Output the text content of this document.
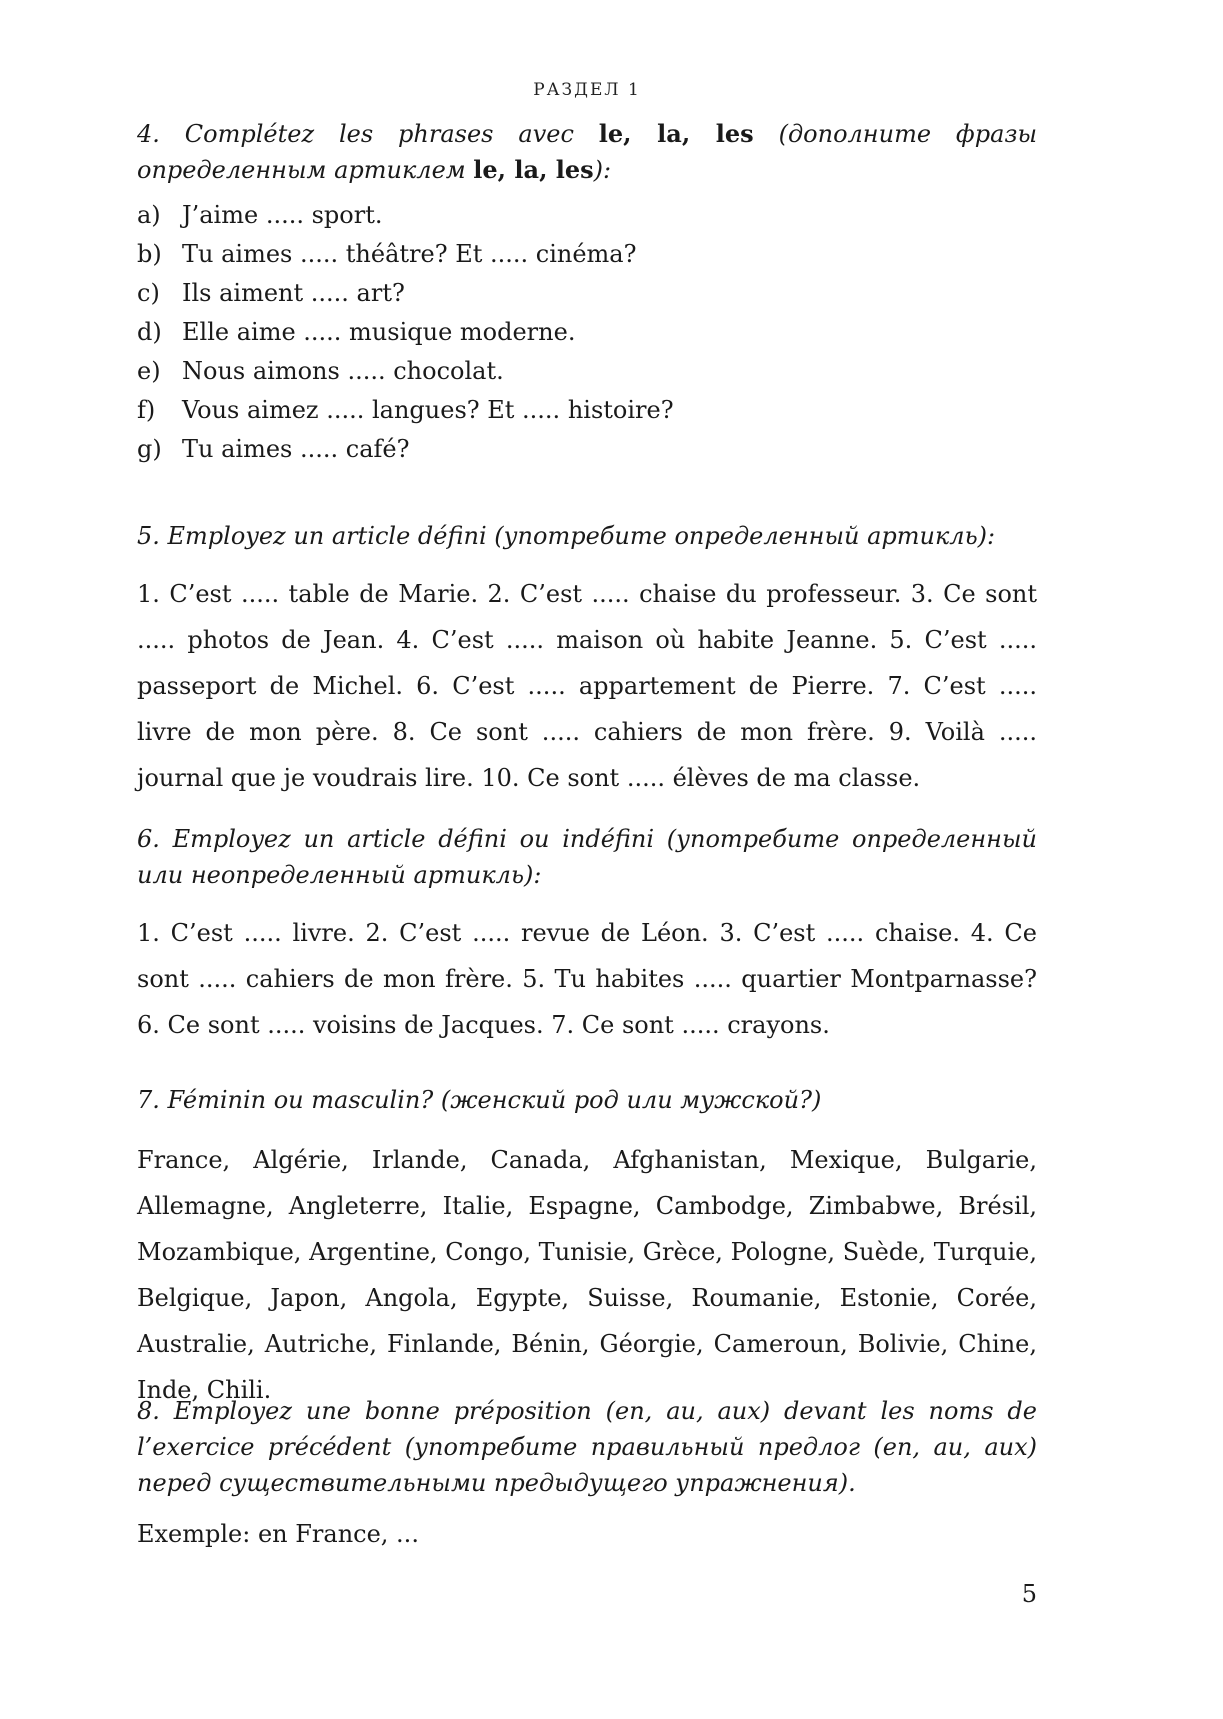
РАЗДЕЛ 1

4. Complétez les phrases avec le, la, les (дополните фразы определенным артиклем le, la, les):

a) J’aime ..... sport.
b) Tu aimes ..... théâtre? Et ..... cinéma?
c) Ils aiment ..... art?
d) Elle aime ..... musique moderne.
e) Nous aimons ..... chocolat.
f) Vous aimez ..... langues? Et ..... histoire?
g) Tu aimes ..... café?

5. Employez un article défini (употребите определенный артикль):

1. C’est ..... table de Marie. 2. C’est ..... chaise du professeur. 3. Ce sont ..... photos de Jean. 4. C’est ..... maison où habite Jeanne. 5. C’est ..... passeport de Michel. 6. C’est ..... appartement de Pierre. 7. C’est ..... livre de mon père. 8. Ce sont ..... cahiers de mon frère. 9. Voilà ..... journal que je voudrais lire. 10. Ce sont ..... élèves de ma classe.

6. Employez un article défini ou indéfini (употребите определенный или неопределенный артикль):

1. C’est ..... livre. 2. C’est ..... revue de Léon. 3. C’est ..... chaise. 4. Ce sont ..... cahiers de mon frère. 5. Tu habites ..... quartier Montparnasse? 6. Ce sont ..... voisins de Jacques. 7. Ce sont ..... crayons.

7. Féminin ou masculin? (женский род или мужской?)

France, Algérie, Irlande, Canada, Afghanistan, Mexique, Bulgarie, Allemagne, Angleterre, Italie, Espagne, Cambodge, Zimbabwe, Brésil, Mozambique, Argentine, Congo, Tunisie, Grèce, Pologne, Suède, Turquie, Belgique, Japon, Angola, Egypte, Suisse, Roumanie, Estonie, Corée, Australie, Autriche, Finlande, Bénin, Géorgie, Cameroun, Bolivie, Chine, Inde, Chili.

8. Employez une bonne préposition (en, au, aux) devant les noms de l’exercice précédent (употребите правильный предлог (en, au, aux) перед существительными предыдущего упражнения).

Exemple: en France, ...

5
